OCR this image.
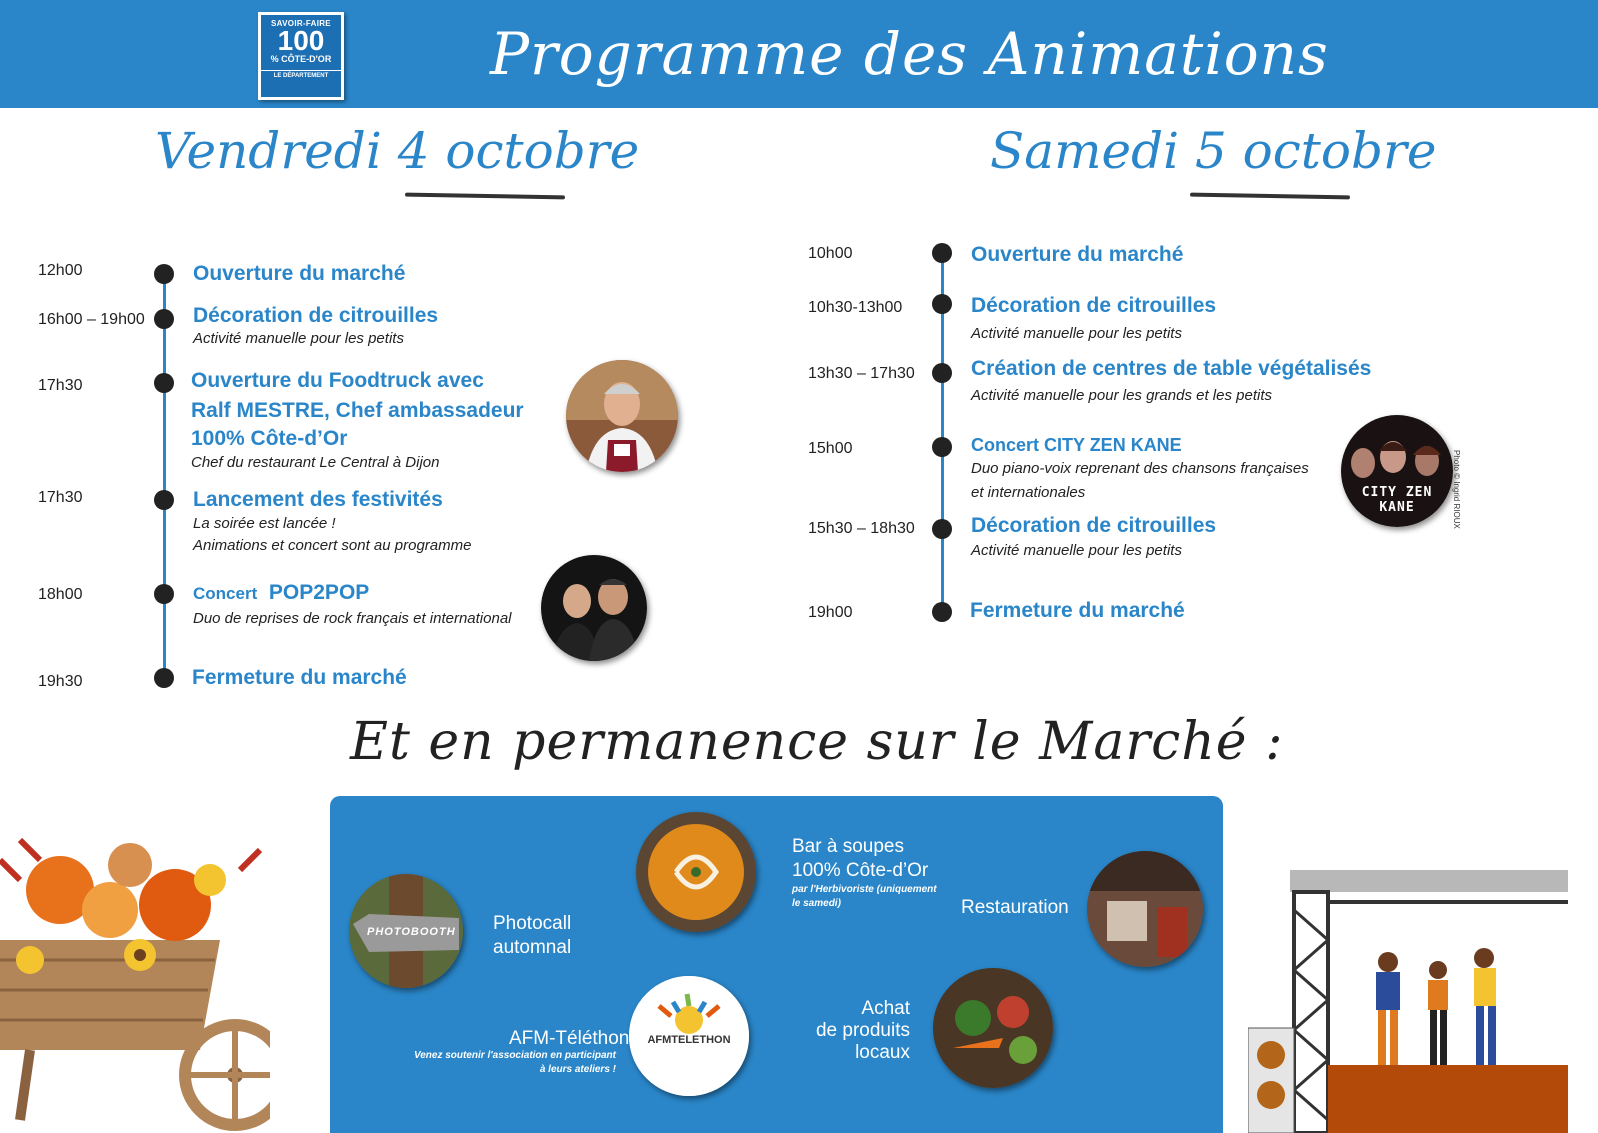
SAVOIR-FAIRE
100
% CÔTE-D'OR
LE DÉPARTEMENT	Programme des Animations
Vendredi 4 octobre
12h00	Ouverture du marché
16h00 – 19h00 Décoration de citrouilles
Activité manuelle pour les petits
17h30	Ouverture du Foodtruck avec
Ralf MESTRE, Chef ambassadeur
100% Côte-d’Or
Chef du restaurant Le Central à Dijon
17h30	Lancement des festivités
La soirée est lancée !
Animations et concert sont au programme
18h00	Concert POP2POP
Duo de reprises de rock français et international
19h30	Fermeture du marché
Samedi 5 octobre
10h00	Ouverture du marché
10h30-13h00	Décoration de citrouilles
Activité manuelle pour les petits
13h30 – 17h30	Création de centres de table végétalisés
Activité manuelle pour les grands et les petits
15h00	Concert CITY ZEN KANE
Duo piano-voix reprenant des chansons françaises
et internationales	CITY ZEN KANE	Photo © Ingrid RIOUX
15h30 – 18h30	Décoration de citrouilles
Activité manuelle pour les petits
19h00	Fermeture du marché
Et en permanence sur le Marché :
PHOTOBOOTH Photocall
automnal
Bar à soupes
100% Côte-d’Or
par l'Herbivoriste (uniquement
le samedi)	Restauration
AFMTELETHON
AFM-Téléthon
Venez soutenir l'association en participant
à leurs ateliers !
Achat
de produits
locaux
